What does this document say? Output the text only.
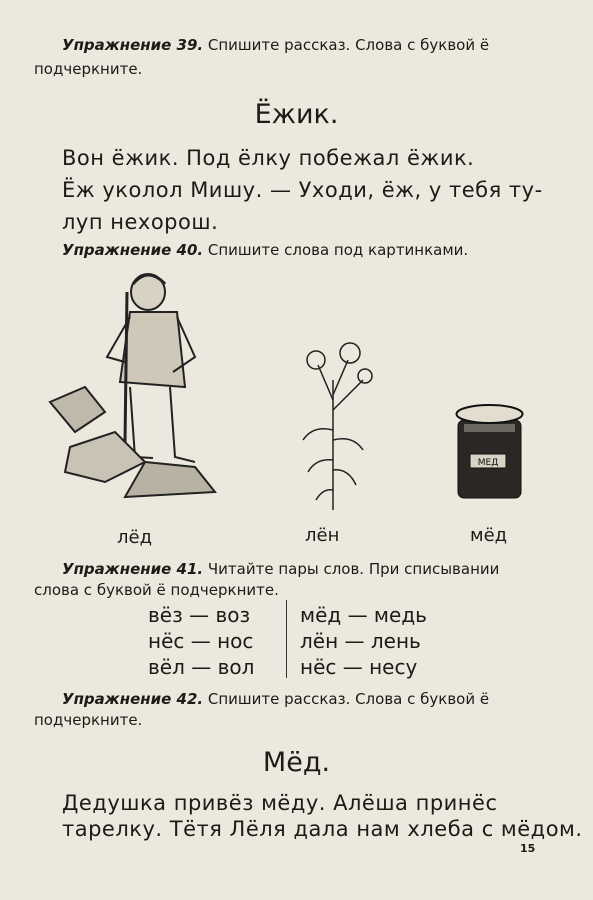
Упражнение 39. Спишите рассказ. Слова с буквой ё
подчеркните.
Ёжик.
Вон ёжик. Под ёлку побежал ёжик.
Ёж уколол Мишу. — Уходи, ёж, у тебя ту-
луп нехорош.
Упражнение 40. Спишите слова под картинками.
МЕД
лёд	лён	мёд
Упражнение 41. Читайте пары слов. При списывании
слова с буквой ё подчеркните.
вёз — воз
нёс — нос
вёл — вол
мёд — медь
лён — лень
нёс — несу
Упражнение 42. Спишите рассказ. Слова с буквой ё
подчеркните.
Мёд.
Дедушка привёз мёду. Алёша принёс
тарелку. Тётя Лёля дала нам хлеба с мёдом.
15
